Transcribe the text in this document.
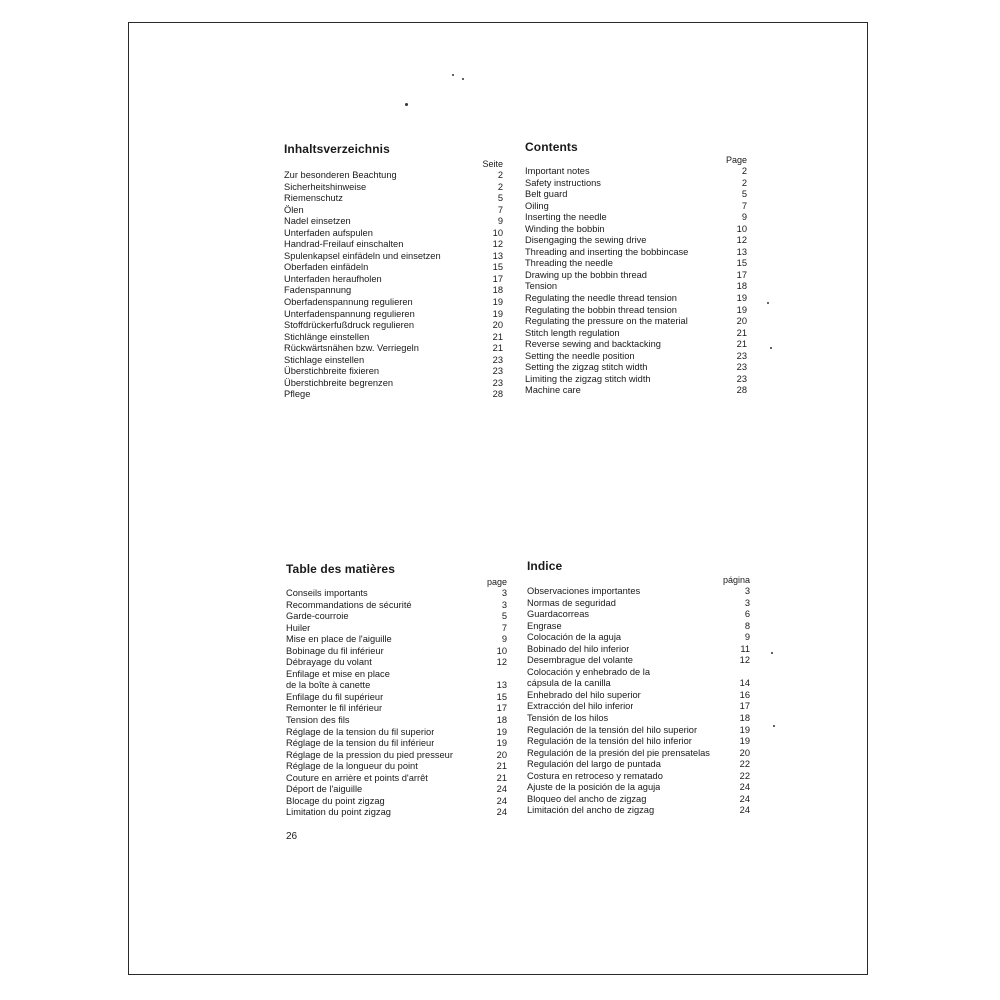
Inhaltsverzeichnis
Seite
Zur besonderen Beachtung	2
Sicherheitshinweise	2
Riemenschutz	5
Ölen	7
Nadel einsetzen	9
Unterfaden aufspulen	10
Handrad-Freilauf einschalten	12
Spulenkapsel einfädeln und einsetzen	13
Oberfaden einfädeln	15
Unterfaden heraufholen	17
Fadenspannung	18
Oberfadenspannung regulieren	19
Unterfadenspannung regulieren	19
Stoffdrückerfußdruck regulieren	20
Stichlänge einstellen	21
Rückwärtsnähen bzw. Verriegeln	21
Stichlage einstellen	23
Überstichbreite fixieren	23
Überstichbreite begrenzen	23
Pflege	28
Contents
Page
Important notes	2
Safety instructions	2
Belt guard	5
Oiling	7
Inserting the needle	9
Winding the bobbin	10
Disengaging the sewing drive	12
Threading and inserting the bobbincase	13
Threading the needle	15
Drawing up the bobbin thread	17
Tension	18
Regulating the needle thread tension	19
Regulating the bobbin thread tension	19
Regulating the pressure on the material	20
Stitch length regulation	21
Reverse sewing and backtacking	21
Setting the needle position	23
Setting the zigzag stitch width	23
Limiting the zigzag stitch width	23
Machine care	28
Table des matières
page
Conseils importants	3
Recommandations de sécurité	3
Garde-courroie	5
Huiler	7
Mise en place de l'aiguille	9
Bobinage du fil inférieur	10
Débrayage du volant	12
Enfilage et mise en place
de la boîte à canette	13
Enfilage du fil supérieur	15
Remonter le fil inférieur	17
Tension des fils	18
Réglage de la tension du fil superior	19
Réglage de la tension du fil inférieur	19
Réglage de la pression du pied presseur	20
Réglage de la longueur du point	21
Couture en arrière et points d'arrêt	21
Déport de l'aiguille	24
Blocage du point zigzag	24
Limitation du point zigzag	24
Indice
página
Observaciones importantes	3
Normas de seguridad	3
Guardacorreas	6
Engrase	8
Colocación de la aguja	9
Bobinado del hilo inferior	11
Desembrague del volante	12
Colocación y enhebrado de la
cápsula de la canilla	14
Enhebrado del hilo superior	16
Extracción del hilo inferior	17
Tensión de los hilos	18
Regulación de la tensión del hilo superior	19
Regulación de la tensión del hilo inferior	19
Regulación de la presión del pie prensatelas	20
Regulación del largo de puntada	22
Costura en retroceso y rematado	22
Ajuste de la posición de la aguja	24
Bloqueo del ancho de zigzag	24
Limitación del ancho de zigzag	24
26
